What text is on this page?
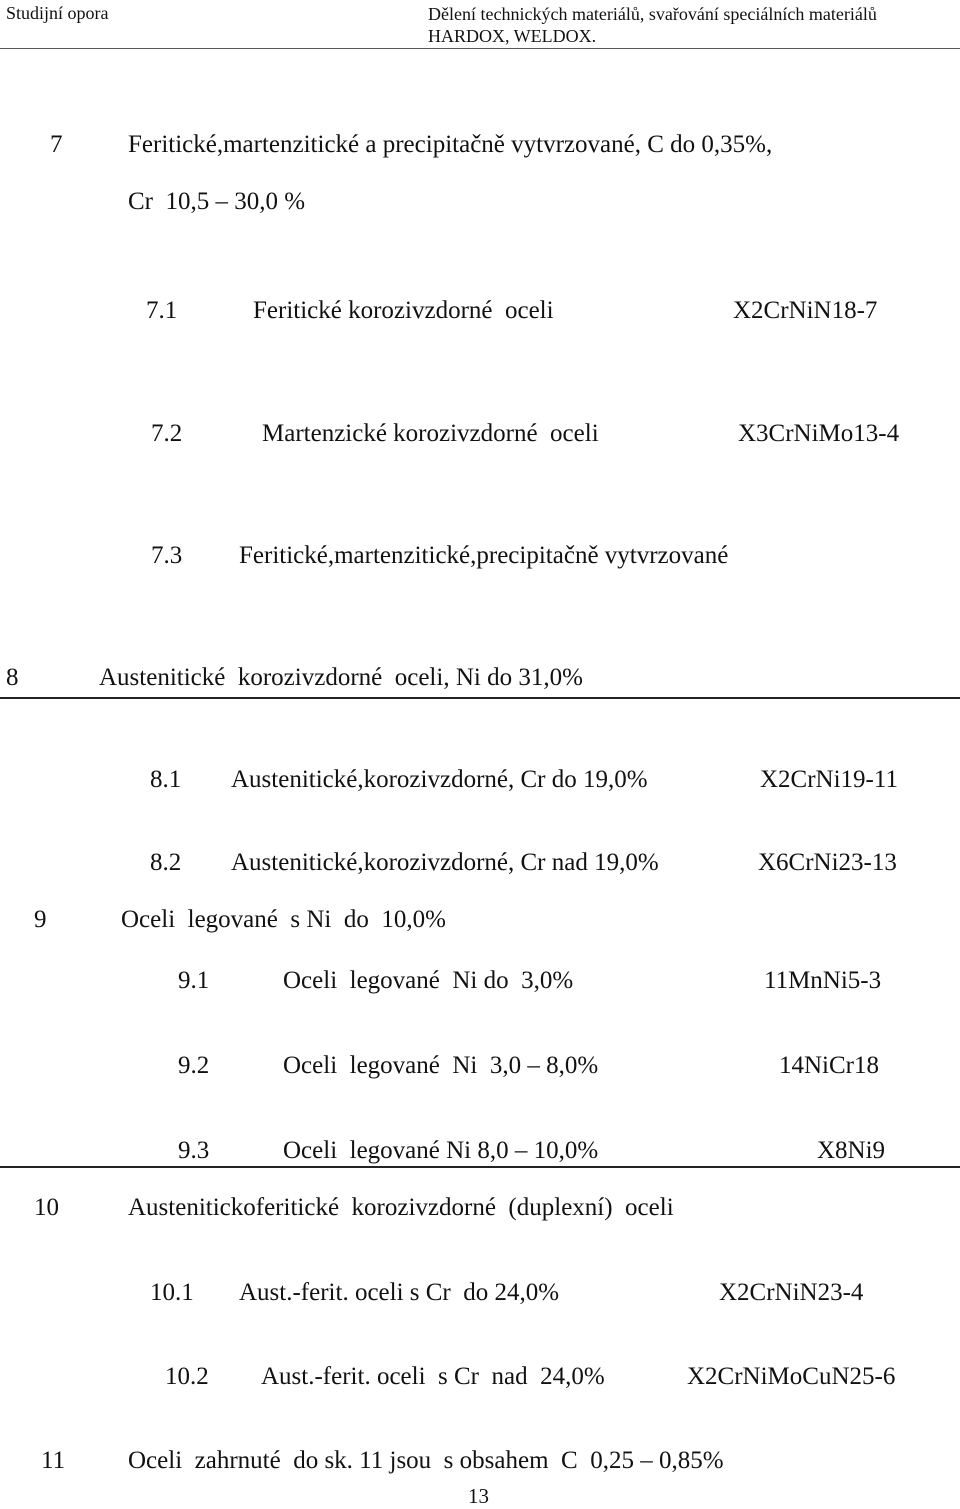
Studijní opora	Dělení technických materiálů, svařování speciálních materiálů
HARDOX, WELDOX.
7	Feritické,martenzitické a precipitačně vytvrzované, C do 0,35%,
Cr  10,5 – 30,0 %
7.1	Feritické korozivzdorné  oceli	X2CrNiN18-7
7.2	Martenzické korozivzdorné  oceli	X3CrNiMo13-4
7.3 Feritické,martenzitické,precipitačně vytvrzované
8	Austenitické  korozivzdorné  oceli, Ni do 31,0%
8.1 Austenitické,korozivzdorné, Cr do 19,0%	X2CrNi19-11
8.2 Austenitické,korozivzdorné, Cr nad 19,0%	X6CrNi23-13
9	Oceli  legované  s Ni  do  10,0%
9.1	Oceli  legované  Ni do  3,0%	11MnNi5-3
9.2	Oceli  legované  Ni  3,0 – 8,0%	14NiCr18
9.3	Oceli  legované Ni 8,0 – 10,0%	X8Ni9
10	Austenitickoferitické  korozivzdorné  (duplexní)  oceli
10.1 Aust.-ferit. oceli s Cr  do 24,0%	X2CrNiN23-4
10.2 Aust.-ferit. oceli  s Cr  nad  24,0%	X2CrNiMoCuN25-6
11	Oceli  zahrnuté  do sk. 11 jsou  s obsahem  C  0,25 – 0,85%
13
